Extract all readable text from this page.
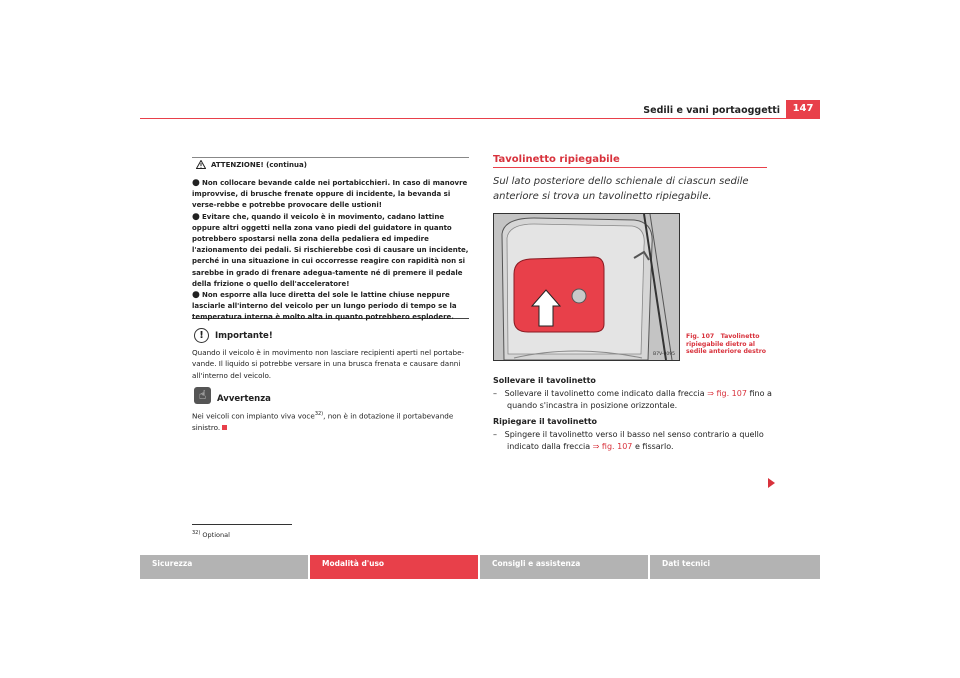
Sedili e vani portaoggetti	147
ATTENZIONE! (continua)

● Non collocare bevande calde nei portabicchieri. In caso di manovre improvvise, di brusche frenate oppure di incidente, la bevanda si verse-rebbe e potrebbe provocare delle ustioni!

● Evitare che, quando il veicolo è in movimento, cadano lattine oppure altri oggetti nella zona vano piedi del guidatore in quanto potrebbero spostarsi nella zona della pedaliera ed impedire l'azionamento dei pedali. Si rischierebbe così di causare un incidente, perché in una situazione in cui occorresse reagire con rapidità non si sarebbe in grado di frenare adegua-tamente né di premere il pedale della frizione o quello dell'acceleratore!

● Non esporre alla luce diretta del sole le lattine chiuse neppure lasciarle all'interno del veicolo per un lungo periodo di tempo se la temperatura interna è molto alta in quanto potrebbero esplodere.

!	Importante!
Quando il veicolo è in movimento non lasciare recipienti aperti nel portabe-vande. Il liquido si potrebbe versare in una brusca frenata e causare danni all'interno del veicolo.
☝	Avvertenza
Nei veicoli con impianto viva voce$^{32)}$, non è in dotazione il portabevande sinistro.
$^{32)}$ Optional
Tavolinetto ripiegabile
Sul lato posteriore dello schienale di ciascun sedile anteriore si trova un tavolinetto ripiegabile.
B7V-0095
Fig. 107 Tavolinetto ripiegabile dietro al sedile anteriore destro
Sollevare il tavolinetto
–   Sollevare il tavolinetto come indicato dalla freccia ⇒ fig. 107 fino a quando s'incastra in posizione orizzontale.
Ripiegare il tavolinetto
–   Spingere il tavolinetto verso il basso nel senso contrario a quello indicato dalla freccia ⇒ fig. 107 e fissarlo.
Sicurezza	Modalità d'uso	Consigli e assistenza	Dati tecnici
